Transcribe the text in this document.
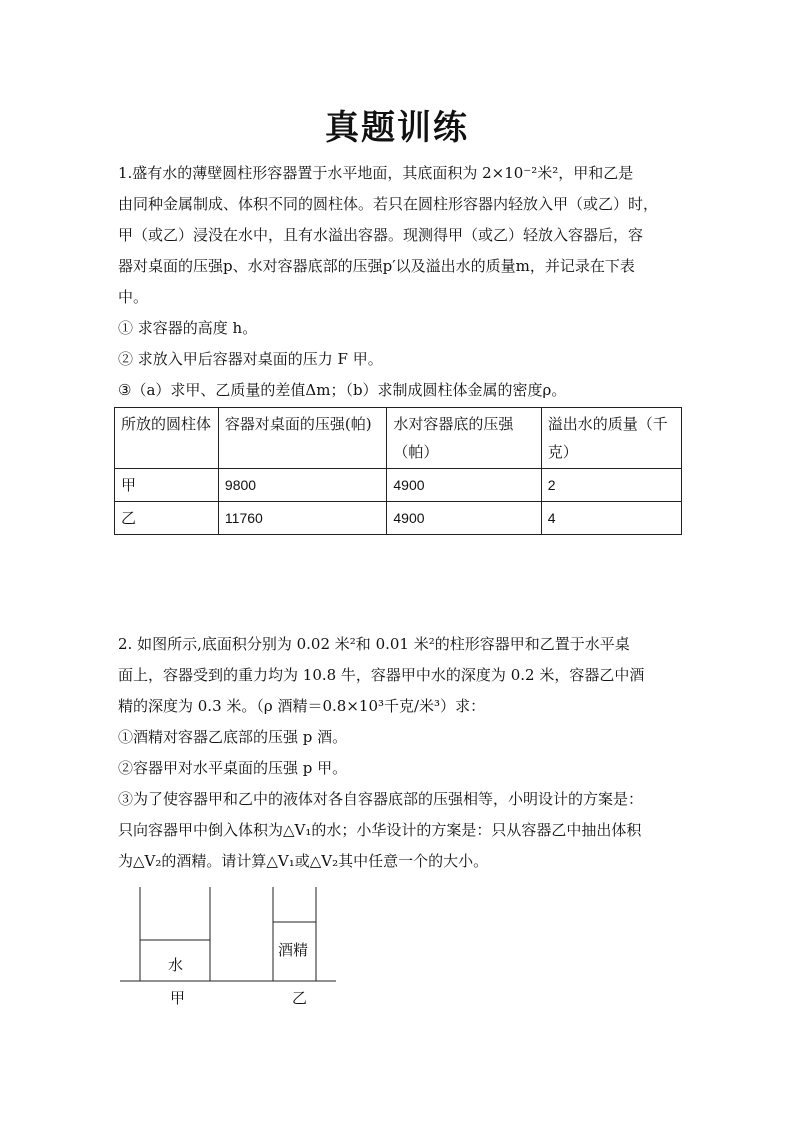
真题训练
1.盛有水的薄壁圆柱形容器置于水平地面，其底面积为 2×10⁻²米²，甲和乙是
由同种金属制成、体积不同的圆柱体。若只在圆柱形容器内轻放入甲（或乙）时，
甲（或乙）浸没在水中，且有水溢出容器。现测得甲（或乙）轻放入容器后，容
器对桌面的压强p、水对容器底部的压强p′以及溢出水的质量m，并记录在下表
中。
① 求容器的高度 h。
② 求放入甲后容器对桌面的压力 F 甲。
③（a）求甲、乙质量的差值Δm；（b）求制成圆柱体金属的密度ρ。
所放的圆柱体	容器对桌面的压强(帕)	水对容器底的压强（帕）	溢出水的质量（千克）
甲	9800	4900	2
乙	11760	4900	4
2. 如图所示,底面积分别为 0.02 米²和 0.01 米²的柱形容器甲和乙置于水平桌
面上，容器受到的重力均为 10.8 牛，容器甲中水的深度为 0.2 米，容器乙中酒
精的深度为 0.3 米。（ρ 酒精＝0.8×10³千克/米³）求：
①酒精对容器乙底部的压强 p 酒。
②容器甲对水平桌面的压强 p 甲。
③为了使容器甲和乙中的液体对各自容器底部的压强相等，小明设计的方案是：
只向容器甲中倒入体积为△V₁的水；小华设计的方案是：只从容器乙中抽出体积
为△V₂的酒精。请计算△V₁或△V₂其中任意一个的大小。
水
酒精
甲	乙
